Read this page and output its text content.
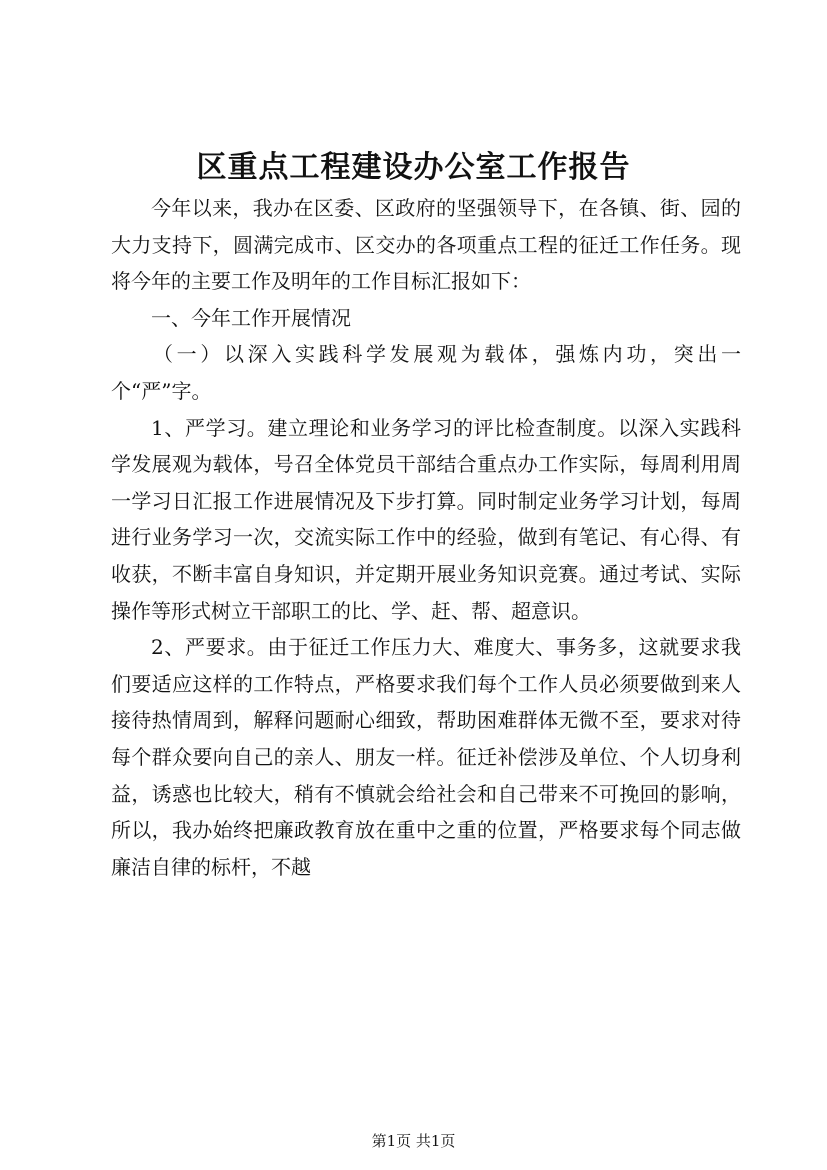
区重点工程建设办公室工作报告

今年以来，我办在区委、区政府的坚强领导下，在各镇、街、园的大力支持下，圆满完成市、区交办的各项重点工程的征迁工作任务。现将今年的主要工作及明年的工作目标汇报如下：

一、今年工作开展情况

（一）以深入实践科学发展观为载体，强炼内功，突出一个“严”字。

1、严学习。建立理论和业务学习的评比检查制度。以深入实践科学发展观为载体，号召全体党员干部结合重点办工作实际，每周利用周一学习日汇报工作进展情况及下步打算。同时制定业务学习计划，每周进行业务学习一次，交流实际工作中的经验，做到有笔记、有心得、有收获，不断丰富自身知识，并定期开展业务知识竞赛。通过考试、实际操作等形式树立干部职工的比、学、赶、帮、超意识。

2、严要求。由于征迁工作压力大、难度大、事务多，这就要求我们要适应这样的工作特点，严格要求我们每个工作人员必须要做到来人接待热情周到，解释问题耐心细致，帮助困难群体无微不至，要求对待每个群众要向自己的亲人、朋友一样。征迁补偿涉及单位、个人切身利益，诱惑也比较大，稍有不慎就会给社会和自己带来不可挽回的影响，所以，我办始终把廉政教育放在重中之重的位置，严格要求每个同志做廉洁自律的标杆，不越

第1页 共1页
